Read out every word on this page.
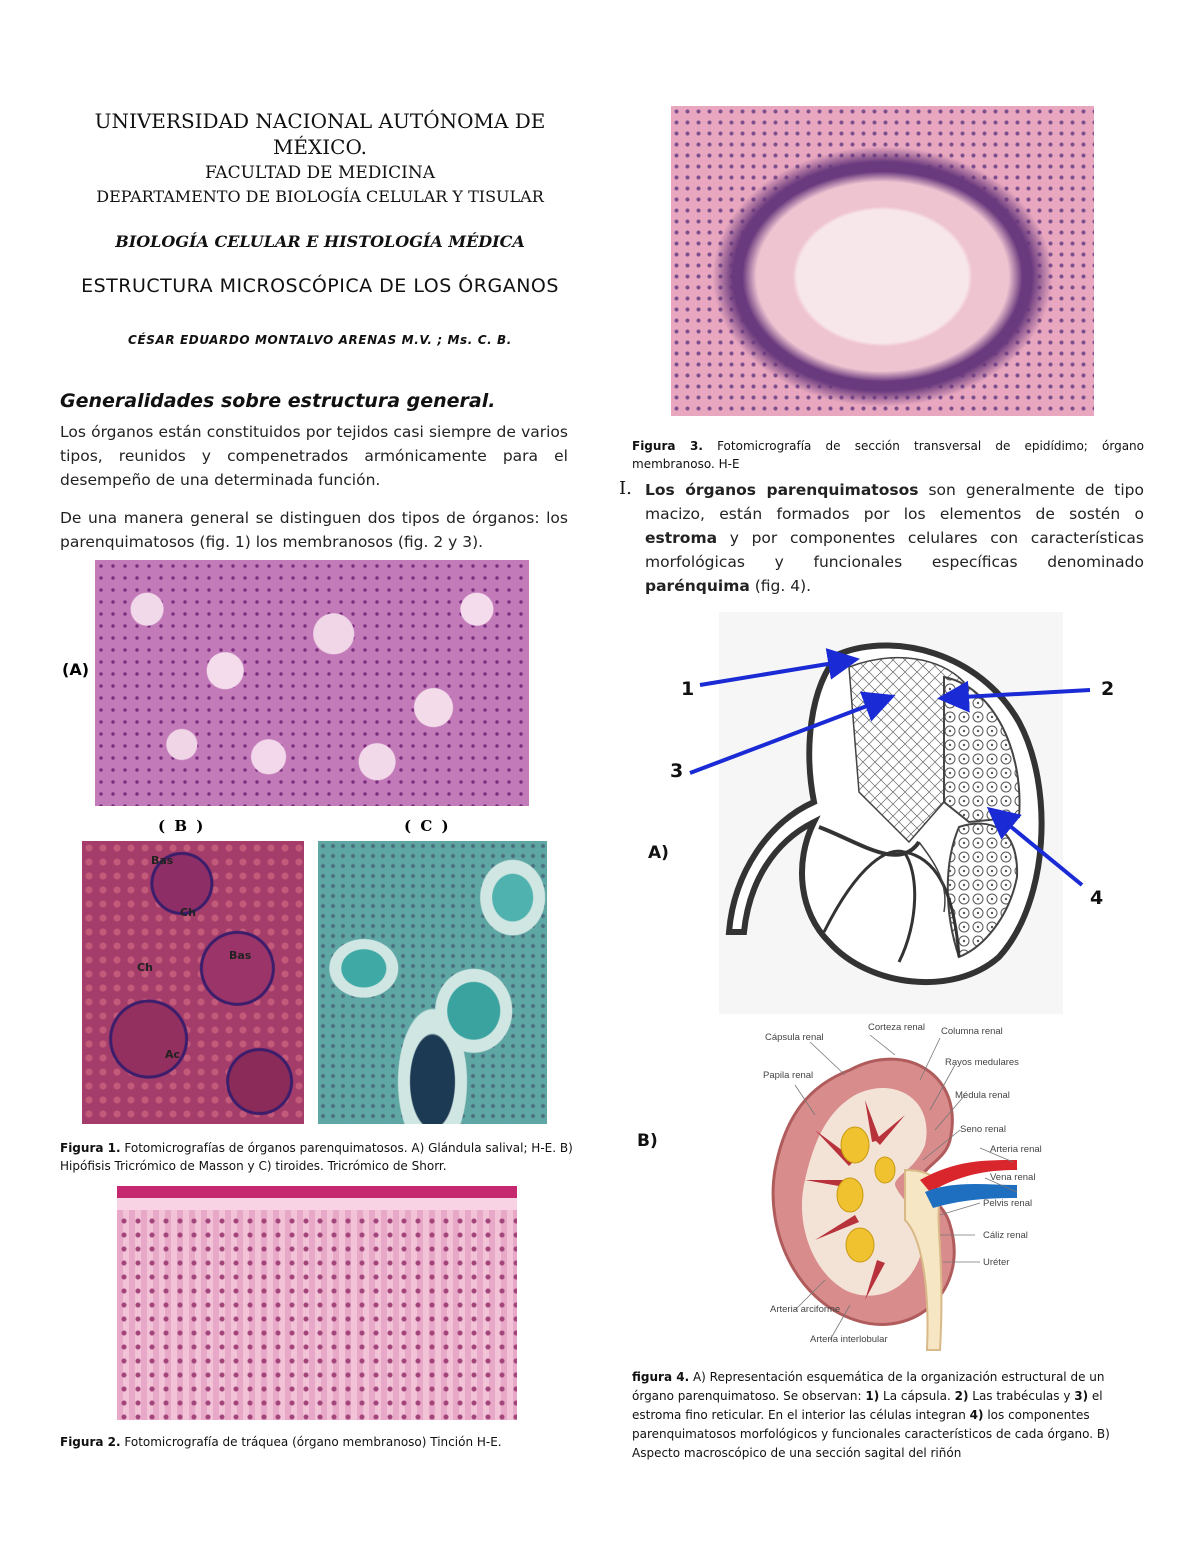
UNIVERSIDAD NACIONAL AUTÓNOMA DE MÉXICO.
FACULTAD DE MEDICINA
DEPARTAMENTO DE BIOLOGÍA CELULAR Y TISULAR
BIOLOGÍA CELULAR E HISTOLOGÍA MÉDICA
ESTRUCTURA MICROSCÓPICA DE LOS ÓRGANOS
CÉSAR EDUARDO MONTALVO ARENAS M.V. ; Ms. C. B.
Generalidades sobre estructura general.
Los órganos están constituidos por tejidos casi siempre de varios tipos, reunidos y compenetrados armónicamente para el desempeño de una determinada función.
De una manera general se distinguen dos tipos de órganos: los parenquimatosos (fig. 1) los membranosos (fig. 2 y 3).
(A)
( B )	( C )
Bas
Ch
Bas
Ch
Ac
Figura 1. Fotomicrografías de órganos parenquimatosos. A) Glándula salival; H-E. B) Hipófisis Tricrómico de Masson y C) tiroides. Tricrómico de Shorr.
Figura 2. Fotomicrografía de tráquea (órgano membranoso) Tinción H-E.
Figura 3. Fotomicrografía de sección transversal de epidídimo; órgano membranoso. H-E
I. Los órganos parenquimatosos son generalmente de tipo macizo, están formados por los elementos de sostén o estroma y por componentes celulares con características morfológicas y funcionales específicas denominado parénquima (fig. 4).
1	2
3
4
A)
B)
Corteza renal
Cápsula renal
Columna renal
Rayos medulares
Papila renal
Médula renal
Seno renal
Arteria renal
Vena renal
Pelvis renal
Cáliz renal
Uréter
Arteria arciforme
Arteria interlobular
figura 4. A) Representación esquemática de la organización estructural de un órgano parenquimatoso. Se observan: 1) La cápsula. 2) Las trabéculas y 3) el estroma fino reticular. En el interior las células integran 4) los componentes parenquimatosos morfológicos y funcionales característicos de cada órgano. B) Aspecto macroscópico de una sección sagital del riñón
